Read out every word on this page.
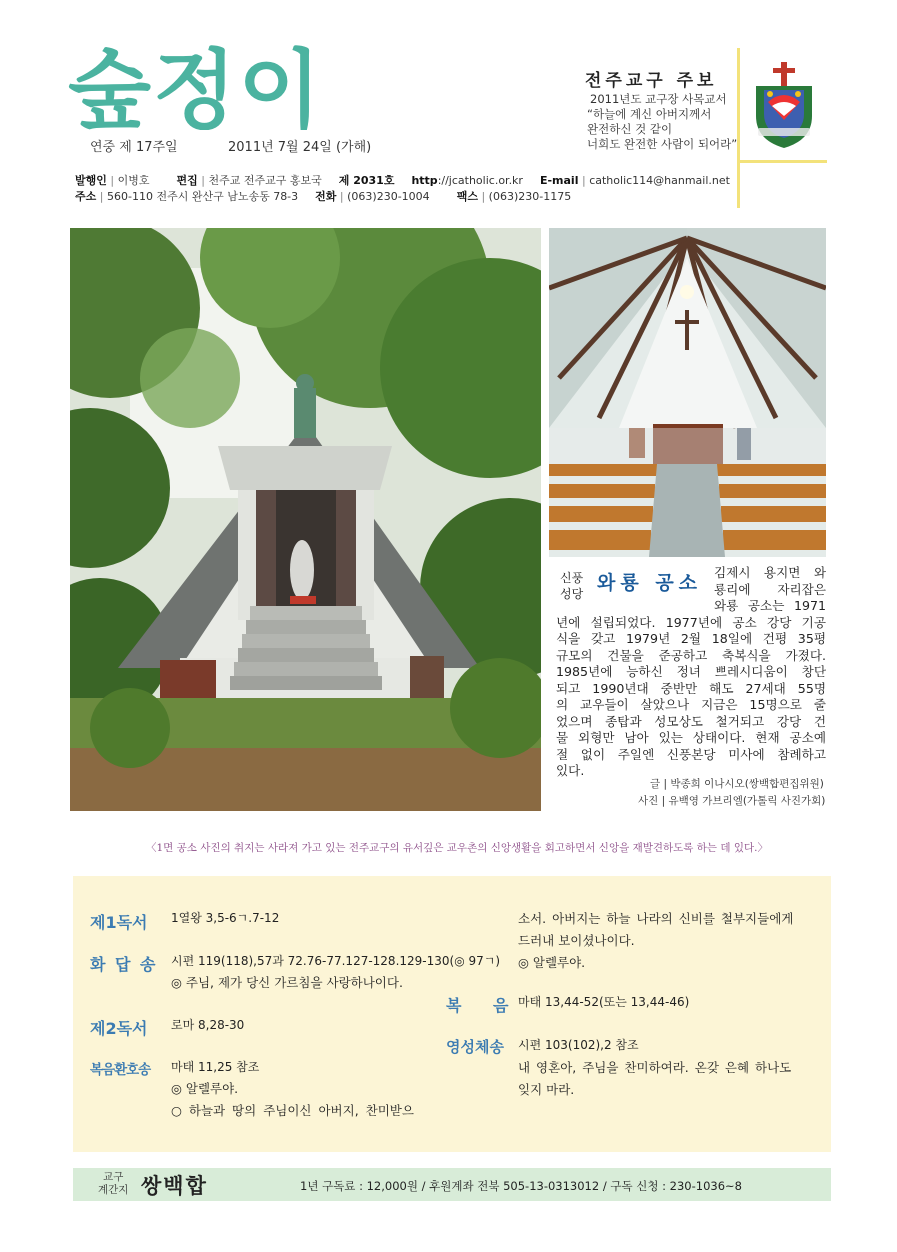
숲정이
연중 제 17주일	2011년 7월 24일 (가해)
전주교구 주보
2011년도 교구장 사목교서
“하늘에 계신 아버지께서
완전하신 것 같이
너희도 완전한 사람이 되어라”
발행인 | 이병호 편집 | 천주교 전주교구 홍보국 제 2031호 http://jcatholic.or.kr E-mail | catholic114@hanmail.net
주소 | 560-110 전주시 완산구 남노송동 78-3 전화 | (063)230-1004 팩스 | (063)230-1175
신풍
성당 와룡 공소 김제시 용지면 와
룡리에 자리잡은
와룡 공소는 1971
년에 설립되었다. 1977년에 공소 강당 기공
식을 갖고 1979년 2월 18일에 건평 35평
규모의 건물을 준공하고 축복식을 가졌다.
1985년에 능하신 정녀 쁘레시디움이 창단
되고 1990년대 중반만 해도 27세대 55명
의 교우들이 살았으나 지금은 15명으로 줄
었으며 종탑과 성모상도 철거되고 강당 건
물 외형만 남아 있는 상태이다. 현재 공소예
절 없이 주일엔 신풍본당 미사에 참례하고
있다.
글 | 박종희 이나시오(쌍백합편집위원)
사진 | 유백영 가브리엘(가톨릭 사진가회)
〈1면 공소 사진의 취지는 사라져 가고 있는 전주교구의 유서깊은 교우촌의 신앙생활을 회고하면서 신앙을 재발견하도록 하는 데 있다.〉
제1독서 1열왕 3,5-6ㄱ.7-12
화 답 송 시편 119(118),57과 72.76-77.127-128.129-130(◎ 97ㄱ)
◎ 주님, 제가 당신 가르침을 사랑하나이다.
제2독서 로마 8,28-30
복음환호송 마태 11,25 참조
◎ 알렐루야.
○ 하늘과 땅의 주님이신 아버지, 찬미받으
소서. 아버지는 하늘 나라의 신비를 철부지들에게
드러내 보이셨나이다.
◎ 알렐루야.
복 음 마태 13,44-52(또는 13,44-46)
영성체송 시편 103(102),2 참조
내 영혼아, 주님을 찬미하여라. 온갖 은혜 하나도
잊지 마라.
교구
계간지 쌍백합	1년 구독료 : 12,000원 / 후원계좌 전북 505-13-0313012 / 구독 신청 : 230-1036~8
